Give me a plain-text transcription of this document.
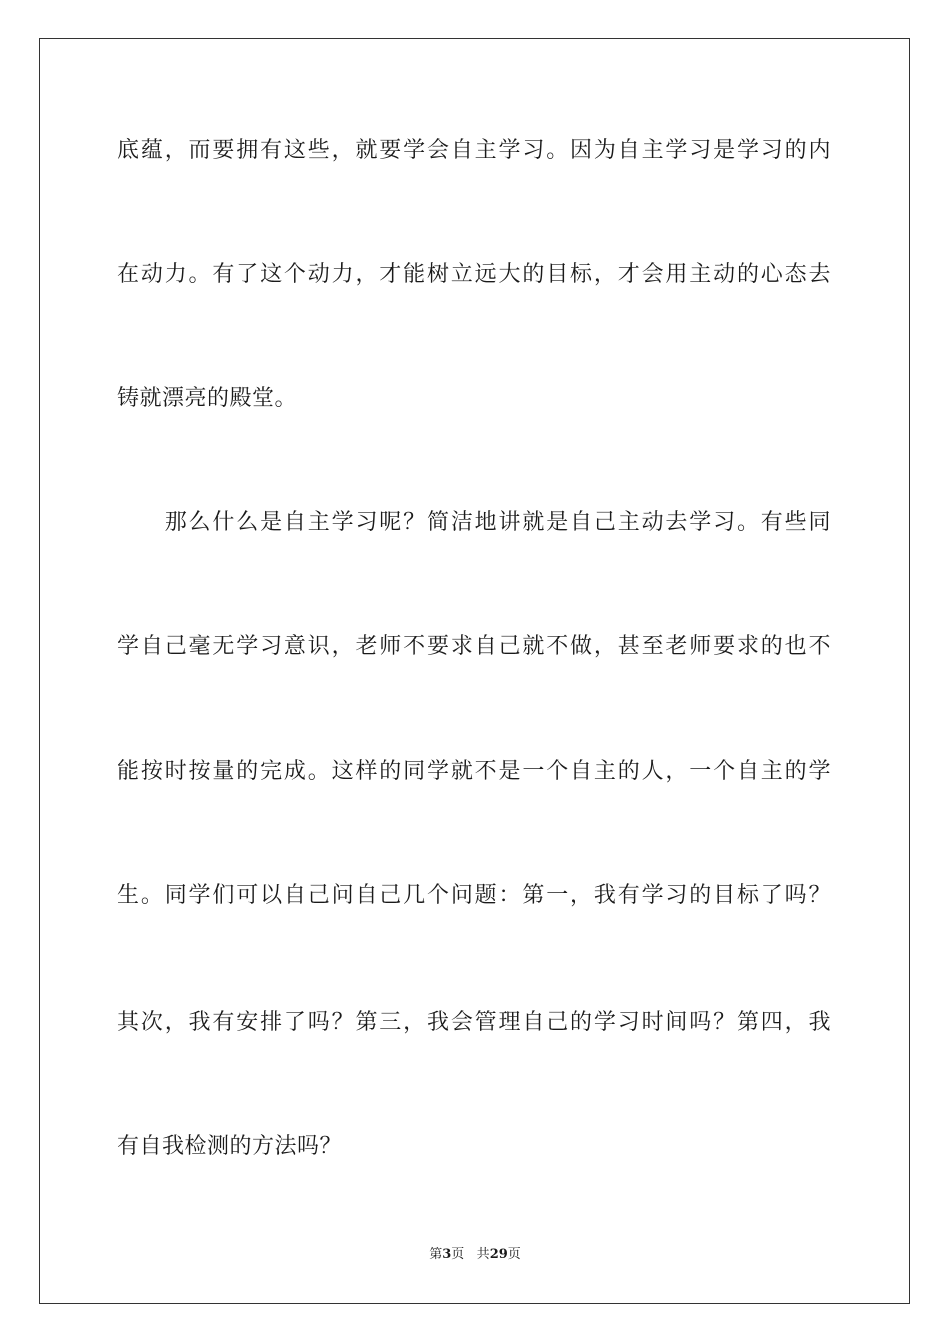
底蕴，而要拥有这些，就要学会自主学习。因为自主学习是学习的内
在动力。有了这个动力，才能树立远大的目标，才会用主动的心态去
铸就漂亮的殿堂。
　　那么什么是自主学习呢？简洁地讲就是自己主动去学习。有些同
学自己毫无学习意识，老师不要求自己就不做，甚至老师要求的也不
能按时按量的完成。这样的同学就不是一个自主的人，一个自主的学
生。同学们可以自己问自己几个问题：第一，我有学习的目标了吗？
其次，我有安排了吗？第三，我会管理自己的学习时间吗？第四，我
有自我检测的方法吗？
第3页 共29页
